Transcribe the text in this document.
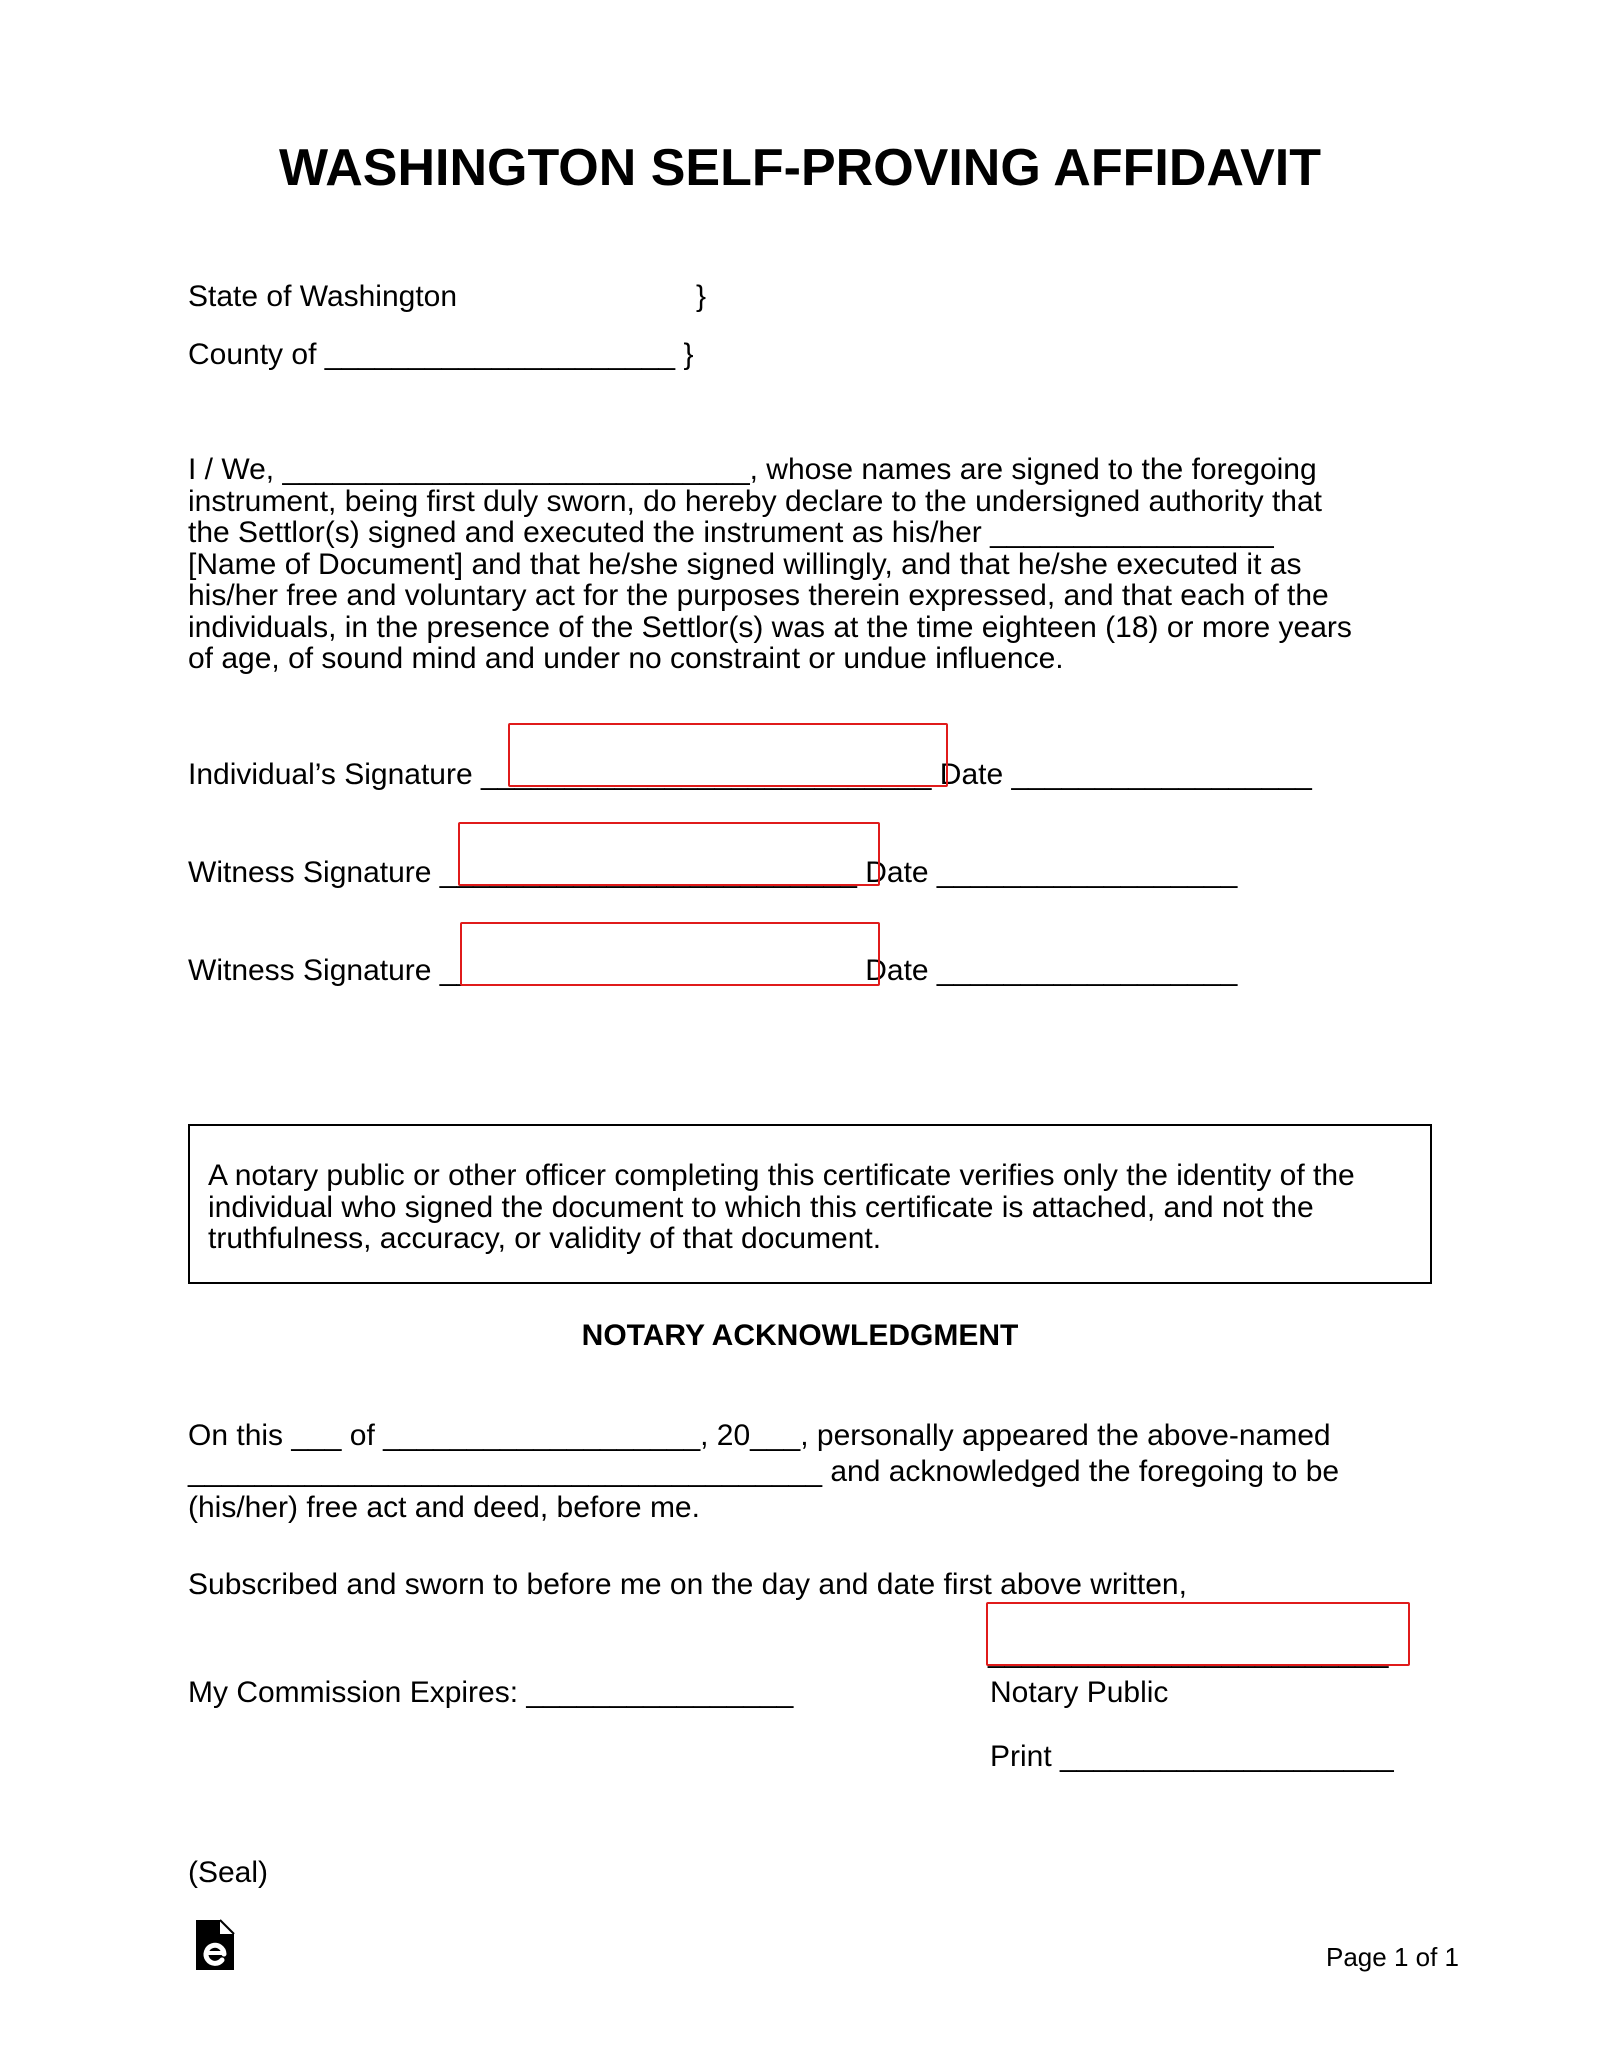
WASHINGTON SELF-PROVING AFFIDAVIT
State of Washington	}
County of _____________________ }
I / We, ____________________________, whose names are signed to the foregoing
instrument, being first duly sworn, do hereby declare to the undersigned authority that
the Settlor(s) signed and executed the instrument as his/her _________________
[Name of Document] and that he/she signed willingly, and that he/she executed it as
his/her free and voluntary act for the purposes therein expressed, and that each of the
individuals, in the presence of the Settlor(s) was at the time eighteen (18) or more years
of age, of sound mind and under no constraint or undue influence.
Individual’s Signature ___________________________ Date __________________
Witness Signature _________________________ Date __________________
Witness Signature _________________________ Date __________________
A notary public or other officer completing this certificate verifies only the identity of the
individual who signed the document to which this certificate is attached, and not the
truthfulness, accuracy, or validity of that document.
NOTARY ACKNOWLEDGMENT
On this ___ of ___________________, 20___, personally appeared the above-named
______________________________________ and acknowledged the foregoing to be
(his/her) free act and deed, before me.
Subscribed and sworn to before me on the day and date first above written,
________________________
My Commission Expires: ________________	Notary Public
Print ____________________
(Seal)
Page 1 of 1
